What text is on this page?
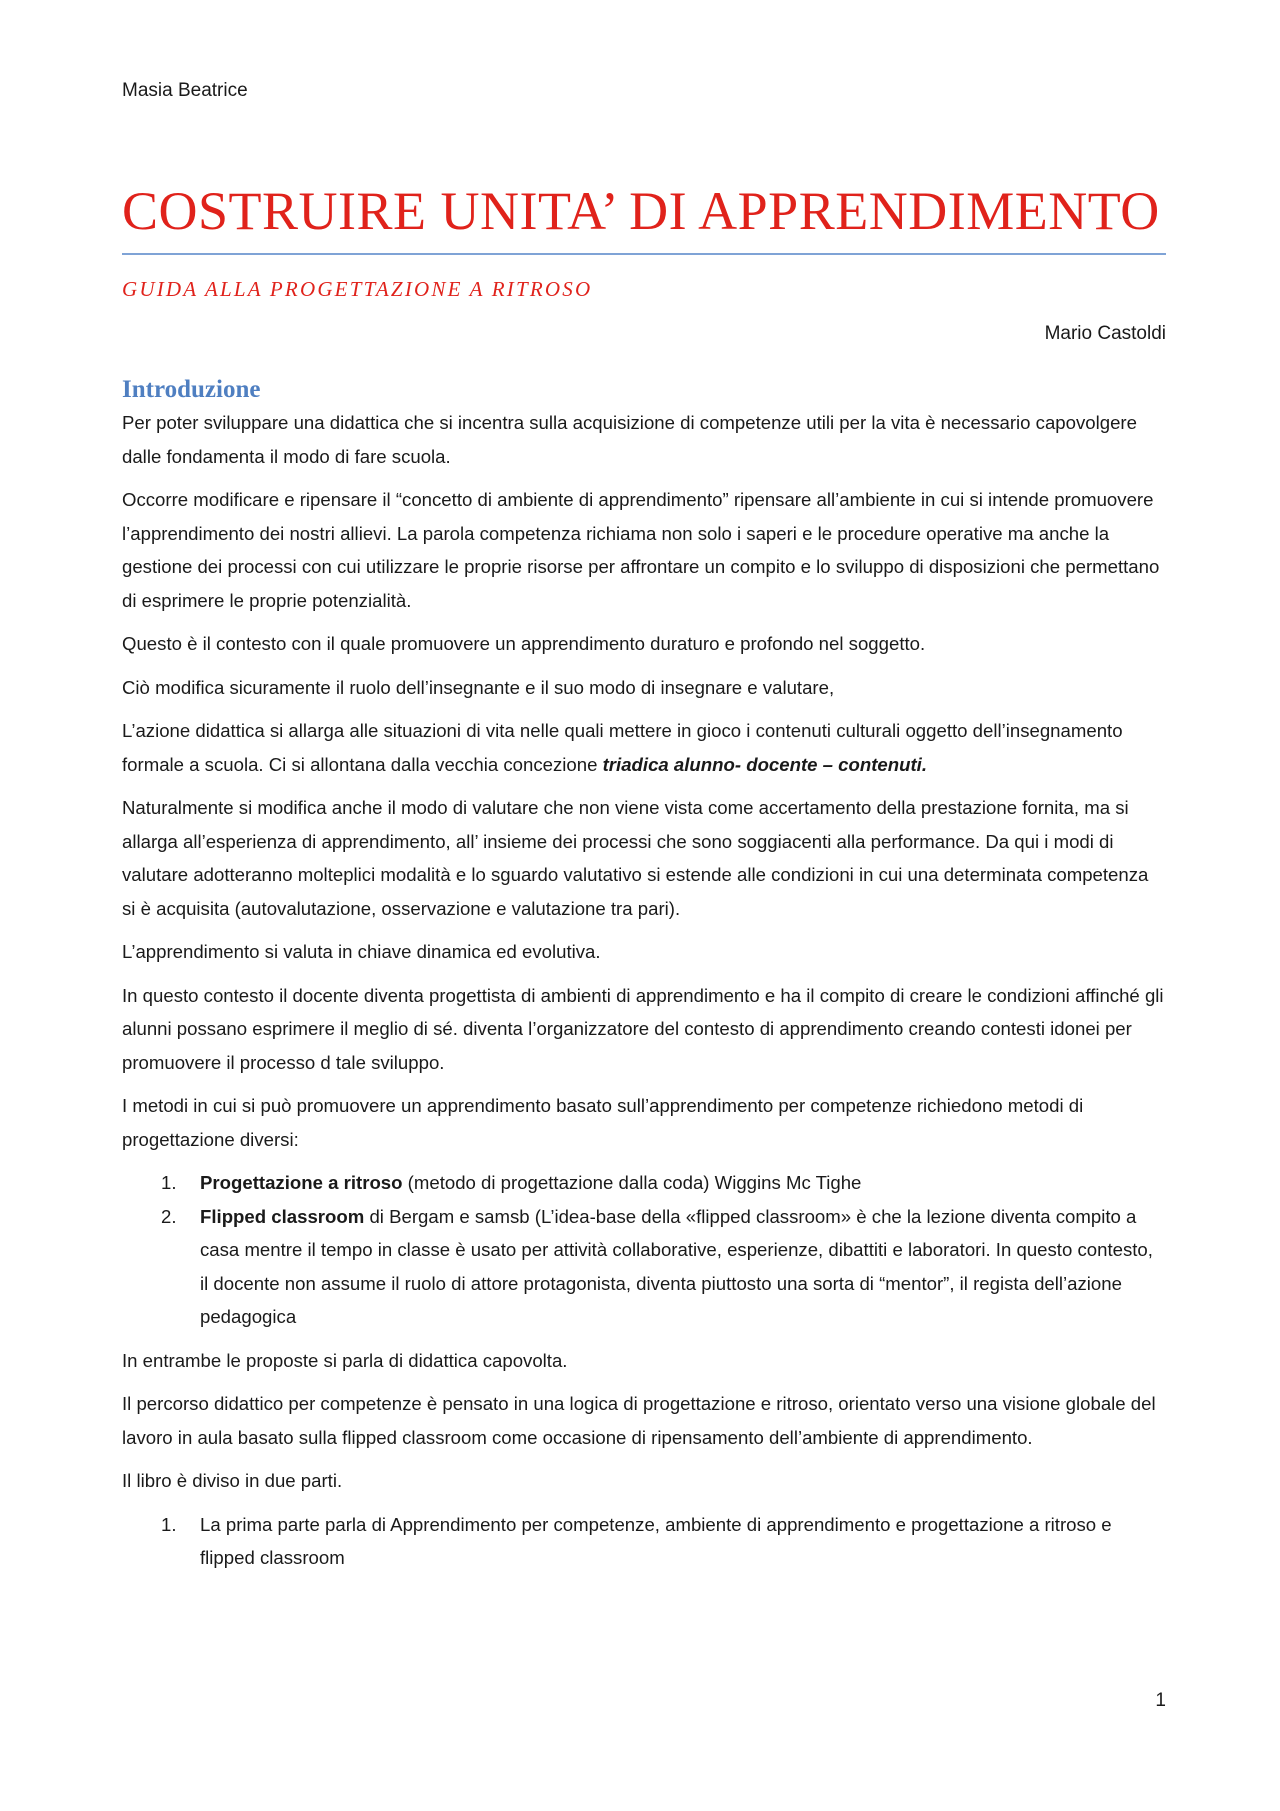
Masia Beatrice

COSTRUIRE UNITA’ DI APPRENDIMENTO

GUIDA ALLA PROGETTAZIONE A RITROSO

Mario Castoldi

Introduzione

Per poter sviluppare una didattica che si incentra sulla acquisizione di competenze utili per la vita è necessario capovolgere dalle fondamenta il modo di fare scuola.

Occorre modificare e ripensare il “concetto di ambiente di apprendimento” ripensare all’ambiente in cui si intende promuovere l’apprendimento dei nostri allievi. La parola competenza richiama non solo i saperi e le procedure operative ma anche la gestione dei processi con cui utilizzare le proprie risorse per affrontare un compito e lo sviluppo di disposizioni che permettano di esprimere le proprie potenzialità.

Questo è il contesto con il quale promuovere un apprendimento duraturo e profondo nel soggetto.

Ciò modifica sicuramente il ruolo dell’insegnante e il suo modo di insegnare e valutare,

L’azione didattica si allarga alle situazioni di vita nelle quali mettere in gioco i contenuti culturali oggetto dell’insegnamento formale a scuola. Ci si allontana dalla vecchia concezione triadica alunno- docente – contenuti.

Naturalmente si modifica anche il modo di valutare che non viene vista come accertamento della prestazione fornita, ma si allarga all’esperienza di apprendimento, all’ insieme dei processi che sono soggiacenti alla performance. Da qui i modi di valutare adotteranno molteplici modalità e lo sguardo valutativo si estende alle condizioni in cui una determinata competenza si è acquisita (autovalutazione, osservazione e valutazione tra pari).

L’apprendimento si valuta in chiave dinamica ed evolutiva.

In questo contesto il docente diventa progettista di ambienti di apprendimento e ha il compito di creare le condizioni affinché gli alunni possano esprimere il meglio di sé. diventa l’organizzatore del contesto di apprendimento creando contesti idonei per promuovere il processo d tale sviluppo.

I metodi in cui si può promuovere un apprendimento basato sull’apprendimento per competenze richiedono metodi di progettazione diversi:

1. Progettazione a ritroso (metodo di progettazione dalla coda) Wiggins Mc Tighe
2. Flipped classroom di Bergam e samsb (L’idea-base della «flipped classroom» è che la lezione diventa compito a casa mentre il tempo in classe è usato per attività collaborative, esperienze, dibattiti e laboratori. In questo contesto, il docente non assume il ruolo di attore protagonista, diventa piuttosto una sorta di “mentor”, il regista dell’azione pedagogica

In entrambe le proposte si parla di didattica capovolta.

Il percorso didattico per competenze è pensato in una logica di progettazione e ritroso, orientato verso una visione globale del lavoro in aula basato sulla flipped classroom come occasione di ripensamento dell’ambiente di apprendimento.

Il libro è diviso in due parti.

1. La prima parte parla di Apprendimento per competenze, ambiente di apprendimento e progettazione a ritroso e flipped classroom
1
